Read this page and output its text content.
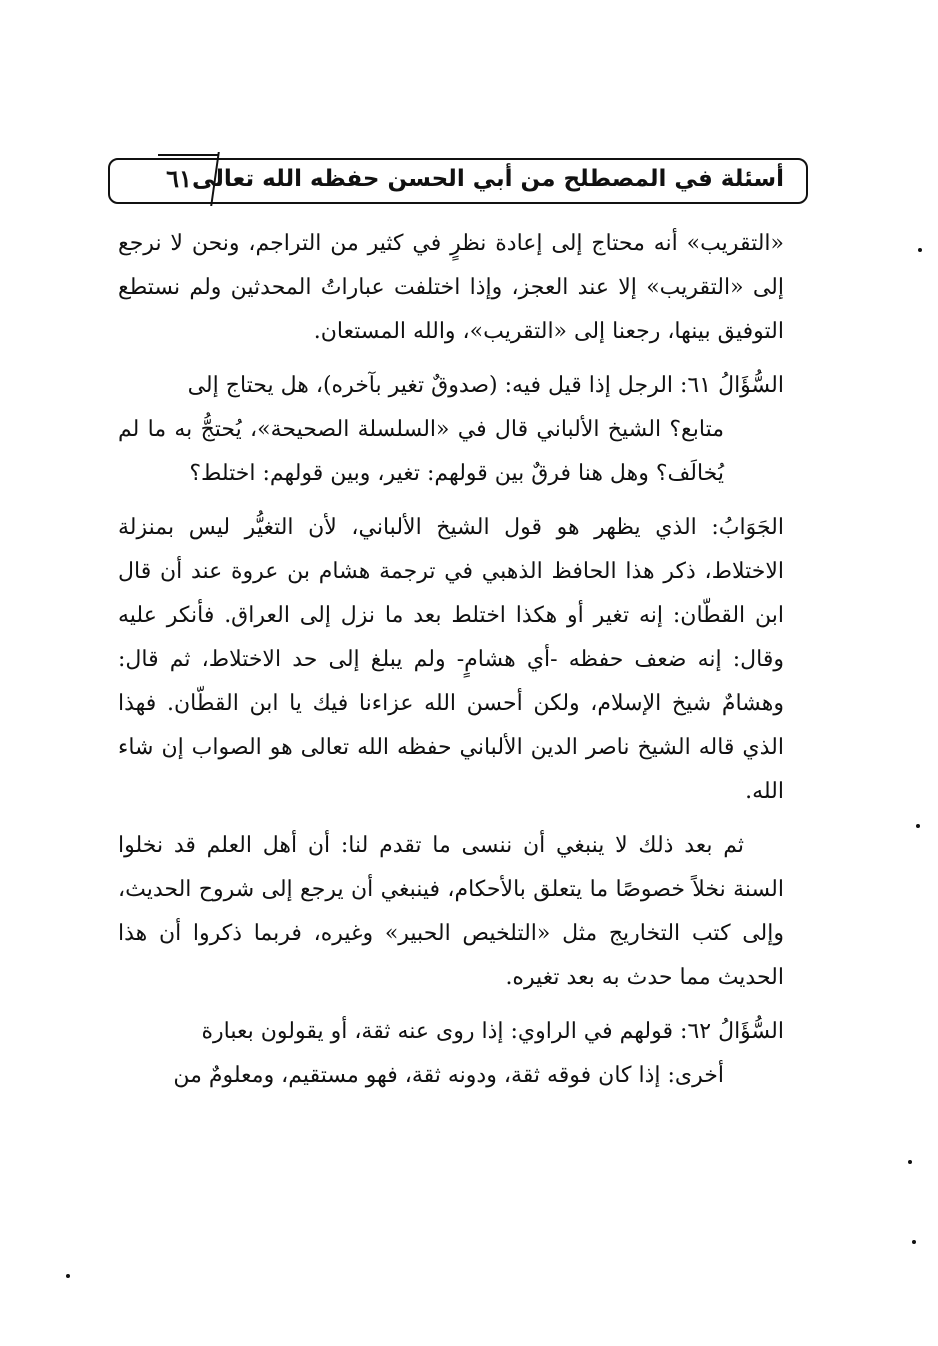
٦١ أسئلة في المصطلح من أبي الحسن حفظه الله تعالى

«التقريب» أنه محتاج إلى إعادة نظرٍ في كثير من التراجم، ونحن لا نرجع إلى «التقريب» إلا عند العجز، وإذا اختلفت عباراتُ المحدثين ولم نستطع التوفيق بينها، رجعنا إلى «التقريب»، والله المستعان.

السُّؤَالُ ٦١: الرجل إذا قيل فيه: (صدوقٌ تغير بآخره)، هل يحتاج إلى
متابع؟ الشيخ الألباني قال في «السلسلة الصحيحة»، يُحتجُّ به ما لم يُخالَف؟ وهل هنا فرقٌ بين قولهم: تغير، وبين قولهم: اختلط؟

الجَوَابُ: الذي يظهر هو قول الشيخ الألباني، لأن التغيُّر ليس بمنزلة الاختلاط، ذكر هذا الحافظ الذهبي في ترجمة هشام بن عروة عند أن قال ابن القطّان: إنه تغير أو هكذا اختلط بعد ما نزل إلى العراق. فأنكر عليه وقال: إنه ضعف حفظه -أي هشامٍ- ولم يبلغ إلى حد الاختلاط، ثم قال: وهشامٌ شيخ الإسلام، ولكن أحسن الله عزاءنا فيك يا ابن القطّان. فهذا الذي قاله الشيخ ناصر الدين الألباني حفظه الله تعالى هو الصواب إن شاء الله.

ثم بعد ذلك لا ينبغي أن ننسى ما تقدم لنا: أن أهل العلم قد نخلوا السنة نخلاً خصوصًا ما يتعلق بالأحكام، فينبغي أن يرجع إلى شروح الحديث، وإلى كتب التخاريج مثل «التلخيص الحبير» وغيره، فربما ذكروا أن هذا الحديث مما حدث به بعد تغيره.

السُّؤَالُ ٦٢: قولهم في الراوي: إذا روى عنه ثقة، أو يقولون بعبارة
أخرى: إذا كان فوقه ثقة، ودونه ثقة، فهو مستقيم، ومعلومٌ من
